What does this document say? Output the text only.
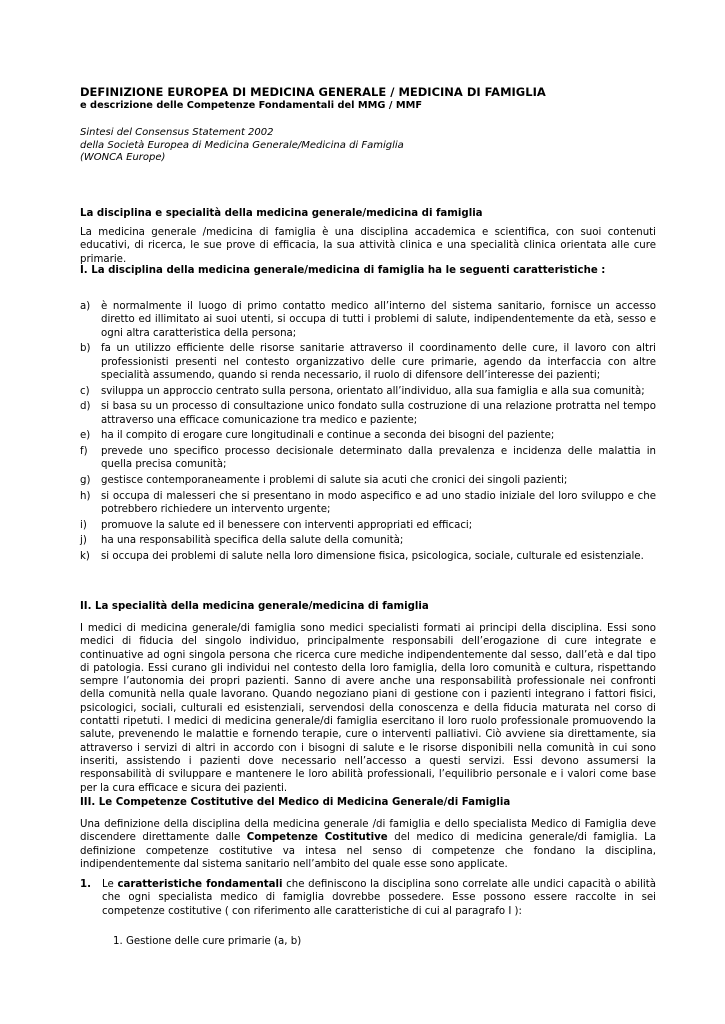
DEFINIZIONE EUROPEA DI MEDICINA GENERALE / MEDICINA DI FAMIGLIA
e descrizione delle Competenze Fondamentali del MMG / MMF
Sintesi del Consensus Statement 2002
della Società Europea di Medicina Generale/Medicina di Famiglia
(WONCA Europe)
La disciplina e specialità della medicina generale/medicina di famiglia
La medicina generale /medicina di famiglia è una disciplina accademica e scientifica, con suoi contenuti educativi, di ricerca, le sue prove di efficacia, la sua attività clinica e una specialità clinica orientata alle cure primarie.
I. La disciplina della medicina generale/medicina di famiglia ha le seguenti caratteristiche :
a)	è normalmente il luogo di primo contatto medico all’interno del sistema sanitario, fornisce un accesso diretto ed illimitato ai suoi utenti, si occupa di tutti i problemi di salute, indipendentemente da età, sesso e ogni altra caratteristica della persona;
b)	fa un utilizzo efficiente delle risorse sanitarie attraverso il coordinamento delle cure, il lavoro con altri professionisti presenti nel contesto organizzativo delle cure primarie, agendo da interfaccia con altre specialità assumendo, quando si renda necessario, il ruolo di difensore dell’interesse dei pazienti;
c)	sviluppa un approccio centrato sulla persona, orientato all’individuo, alla sua famiglia e alla sua comunità;
d)	si basa su un processo di consultazione unico fondato sulla costruzione di una relazione protratta nel tempo attraverso una efficace comunicazione tra medico e paziente;
e)	ha il compito di erogare cure longitudinali e continue a seconda dei bisogni del paziente;
f)	prevede uno specifico processo decisionale determinato dalla prevalenza e incidenza delle malattia in quella precisa comunità;
g)	gestisce contemporaneamente i problemi di salute sia acuti che cronici dei singoli pazienti;
h)	si occupa di malesseri che si presentano in modo aspecifico e ad uno stadio iniziale del loro sviluppo e che potrebbero richiedere un intervento urgente;
i)	promuove la salute ed il benessere con interventi appropriati ed efficaci;
j)	ha una responsabilità specifica della salute della comunità;
k)	si occupa dei problemi di salute nella loro dimensione fisica, psicologica, sociale, culturale ed esistenziale.
II. La specialità della medicina generale/medicina di famiglia
I medici di medicina generale/di famiglia sono medici specialisti formati ai principi della disciplina. Essi sono medici di fiducia del singolo individuo, principalmente responsabili dell’erogazione di cure integrate e continuative ad ogni singola persona che ricerca cure mediche indipendentemente dal sesso, dall’età e dal tipo di patologia. Essi curano gli individui nel contesto della loro famiglia, della loro comunità e cultura, rispettando sempre l’autonomia dei propri pazienti. Sanno di avere anche una responsabilità professionale nei confronti della comunità nella quale lavorano. Quando negoziano piani di gestione con i pazienti integrano i fattori fisici, psicologici, sociali, culturali ed esistenziali, servendosi della conoscenza e della fiducia maturata nel corso di contatti ripetuti. I medici di medicina generale/di famiglia esercitano il loro ruolo professionale promuovendo la salute, prevenendo le malattie e fornendo terapie, cure o interventi palliativi. Ciò avviene sia direttamente, sia attraverso i servizi di altri in accordo con i bisogni di salute e le risorse disponibili nella comunità in cui sono inseriti, assistendo i pazienti dove necessario nell’accesso a questi servizi. Essi devono assumersi la responsabilità di sviluppare e mantenere le loro abilità professionali, l’equilibrio personale e i valori come base per la cura efficace e sicura dei pazienti.
III. Le Competenze Costitutive del Medico di Medicina Generale/di Famiglia
Una definizione della disciplina della medicina generale /di famiglia e dello specialista Medico di Famiglia deve discendere direttamente dalle Competenze Costitutive del medico di medicina generale/di famiglia. La definizione competenze costitutive va intesa nel senso di competenze che fondano la disciplina, indipendentemente dal sistema sanitario nell’ambito del quale esse sono applicate.
1. Le caratteristiche fondamentali che definiscono la disciplina sono correlate alle undici capacità o abilità che ogni specialista medico di famiglia dovrebbe possedere. Esse possono essere raccolte in sei competenze costitutive ( con riferimento alle caratteristiche di cui al paragrafo I ):
1. Gestione delle cure primarie (a, b)
